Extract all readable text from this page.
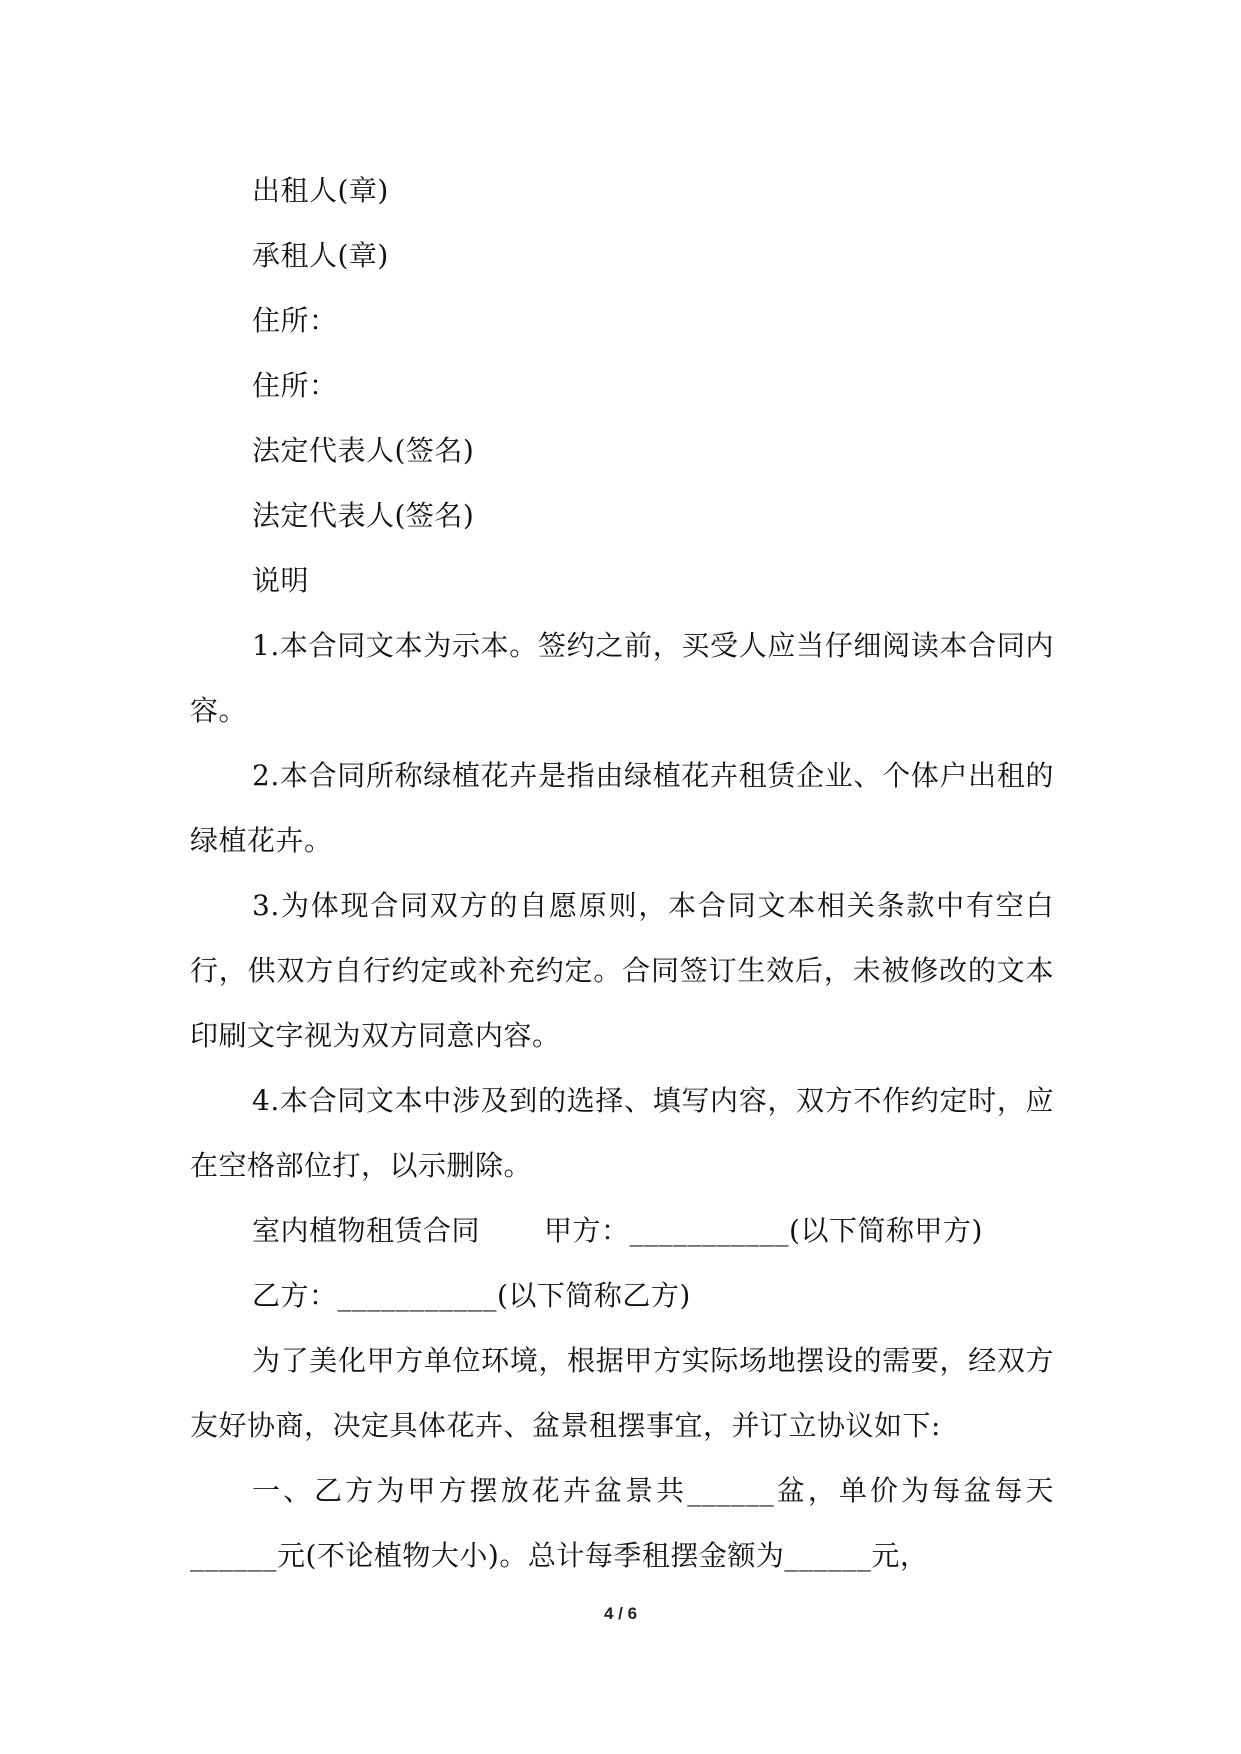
出租人(章)
承租人(章)
住所：
住所：
法定代表人(签名)
法定代表人(签名)
说明
1.本合同文本为示本。签约之前，买受人应当仔细阅读本合同内容。
2.本合同所称绿植花卉是指由绿植花卉租赁企业、个体户出租的绿植花卉。
3.为体现合同双方的自愿原则，本合同文本相关条款中有空白行，供双方自行约定或补充约定。合同签订生效后，未被修改的文本印刷文字视为双方同意内容。
4.本合同文本中涉及到的选择、填写内容，双方不作约定时，应在空格部位打，以示删除。
室内植物租赁合同 甲方：___________(以下简称甲方)
乙方：___________(以下简称乙方)
为了美化甲方单位环境，根据甲方实际场地摆设的需要，经双方友好协商，决定具体花卉、盆景租摆事宜，并订立协议如下:
一、乙方为甲方摆放花卉盆景共______盆，单价为每盆每天______元(不论植物大小)。总计每季租摆金额为______元，
4 / 6
